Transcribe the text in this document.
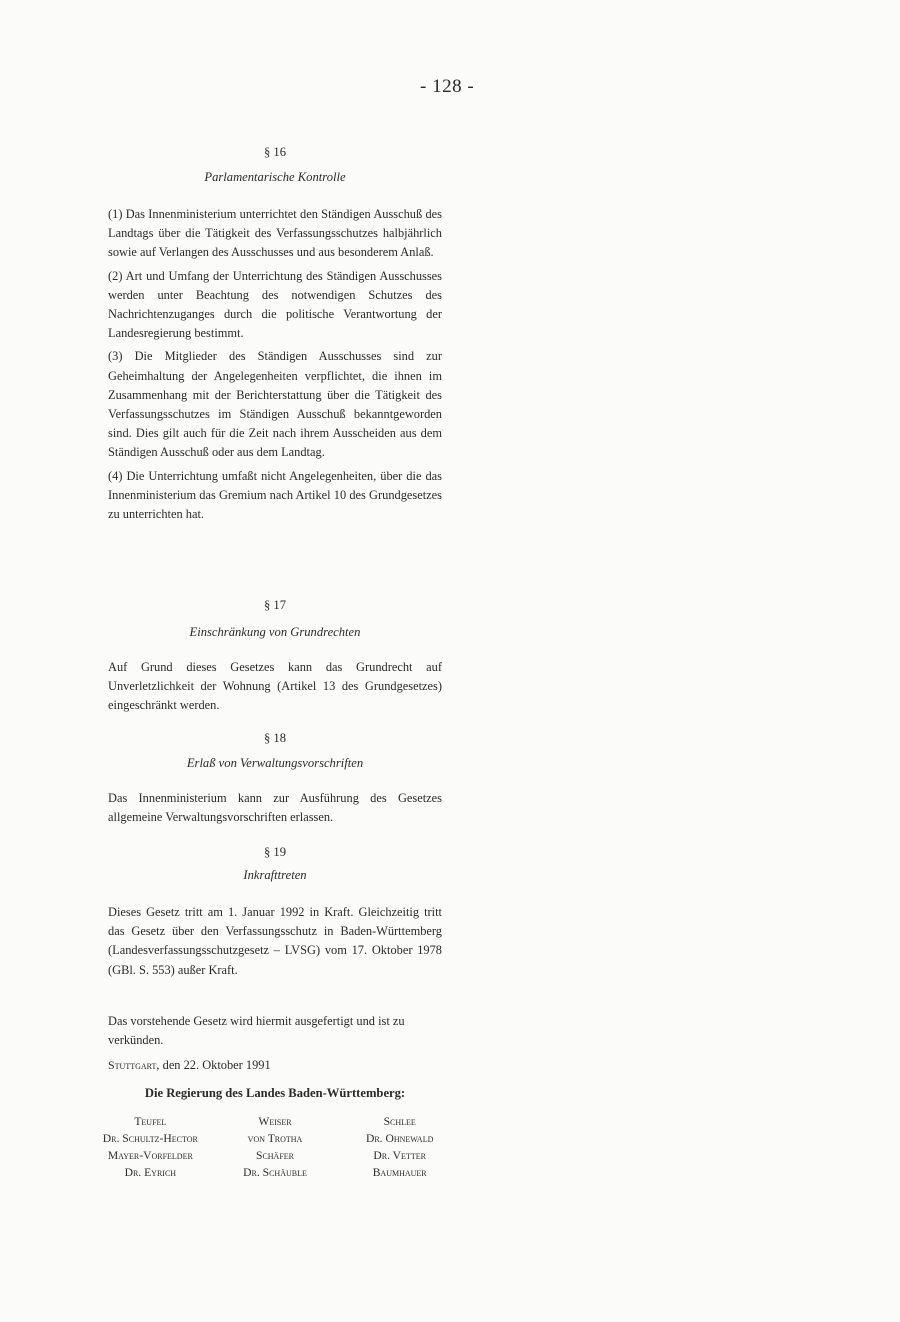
- 128 -
§ 16
Parlamentarische Kontrolle

(1) Das Innenministerium unterrichtet den Ständigen Ausschuß des Landtags über die Tätigkeit des Verfassungsschutzes halbjährlich sowie auf Verlangen des Ausschusses und aus besonderem Anlaß.

(2) Art und Umfang der Unterrichtung des Ständigen Ausschusses werden unter Beachtung des notwendigen Schutzes des Nachrichtenzuganges durch die politische Verantwortung der Landesregierung bestimmt.

(3) Die Mitglieder des Ständigen Ausschusses sind zur Geheimhaltung der Angelegenheiten verpflichtet, die ihnen im Zusammenhang mit der Berichterstattung über die Tätigkeit des Verfassungsschutzes im Ständigen Ausschuß bekanntgeworden sind. Dies gilt auch für die Zeit nach ihrem Ausscheiden aus dem Ständigen Ausschuß oder aus dem Landtag.

(4) Die Unterrichtung umfaßt nicht Angelegenheiten, über die das Innenministerium das Gremium nach Artikel 10 des Grundgesetzes zu unterrichten hat.

§ 17
Einschränkung von Grundrechten

Auf Grund dieses Gesetzes kann das Grundrecht auf Unverletzlichkeit der Wohnung (Artikel 13 des Grundgesetzes) eingeschränkt werden.

§ 18
Erlaß von Verwaltungsvorschriften

Das Innenministerium kann zur Ausführung des Gesetzes allgemeine Verwaltungsvorschriften erlassen.

§ 19
Inkrafttreten

Dieses Gesetz tritt am 1. Januar 1992 in Kraft. Gleichzeitig tritt das Gesetz über den Verfassungsschutz in Baden-Württemberg (Landesverfassungsschutzgesetz – LVSG) vom 17. Oktober 1978 (GBl. S. 553) außer Kraft.

Das vorstehende Gesetz wird hiermit ausgefertigt und ist zu verkünden.

Stuttgart, den 22. Oktober 1991
Die Regierung des Landes Baden-Württemberg:
Teufel	Weiser	Schlee
Dr. Schultz-Hector	von Trotha	Dr. Ohnewald
Mayer-Vorfelder	Schäfer	Dr. Vetter
Dr. Eyrich	Dr. Schäuble	Baumhauer
